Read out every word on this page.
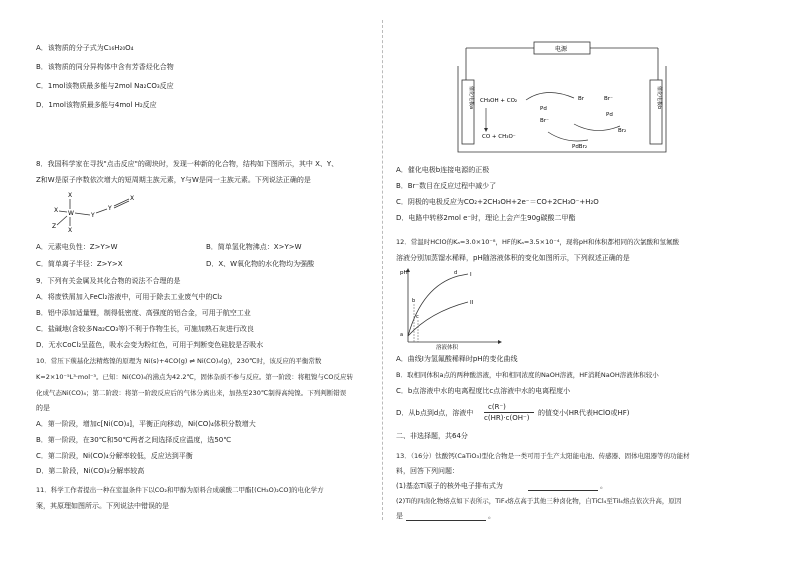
A．该物质的分子式为C₁₆H₂₀O₄
B．该物质的同分异构体中含有芳香烃化合物
C．1mol该物质最多能与2mol Na₂CO₃反应
D．1mol该物质最多能与4mol H₂反应
8．我国科学家在寻找"点击反应"的砌块时，发现一种新的化合物，结构如下图所示，其中 X、Y、
Z和W是原子序数依次增大的短周期主族元素，Y与W是同一主族元素。下列说法正确的是
X
X W
X
Z
Y
Y
X
A．元素电负性：Z>Y>W	B．简单氢化物沸点：X>Y>W
C．简单离子半径：Z>Y>X	D．X、W氧化物的水化物均为强酸
9．下列有关金属及其化合物的说法不合理的是
A．将废铁屑加入FeCl₂溶液中，可用于除去工业废气中的Cl₂
B．铝中添加适量锂，制得低密度、高强度的铝合金，可用于航空工业
C．盐碱地(含较多Na₂CO₃等)不利于作物生长，可施加熟石灰进行改良
D．无水CoCl₂呈蓝色，吸水会变为粉红色，可用于判断变色硅胶是否吸水
10．常压下羰基化法精炼镍的原理为 Ni(s)+4CO(g) ⇌ Ni(CO)₄(g)，230℃时，该反应的平衡常数
K=2×10⁻⁵L³·mol⁻³。已知：Ni(CO)₄的沸点为42.2℃，固体杂质不参与反应。第一阶段：将粗镍与CO反应转
化成气态Ni(CO)₄；第二阶段：将第一阶段反应后的气体分离出来，加热至230℃制得高纯镍。下列判断错误
的是
A．第一阶段，增加c[Ni(CO)₄]，平衡正向移动，Ni(CO)₄体积分数增大
B．第一阶段，在30℃和50℃两者之间选择反应温度，选50℃
C．第二阶段，Ni(CO)₄分解率较低，反应达到平衡
D．第二阶段，Ni(CO)₄分解率较高
11．科学工作者提出一种在室温条件下以CO₂和甲醇为原料合成碳酸二甲酯[(CH₃O)₂CO]的电化学方
案，其原理如图所示。下列说法中错误的是
电源
催化电极a	催化电极b
CH₃OH + CO₂
CO + CH₃O⁻
Pd
Pd
Br⁻
Br⁻
Br
Br₂
PdBr₂
A．催化电极b连接电源的正极
B．Br⁻数目在反应过程中减少了
C．阴极的电极反应为CO₂+2CH₃OH+2e⁻＝CO+2CH₃O⁻+H₂O
D．电路中转移2mol e⁻时，理论上会产生90g碳酸二甲酯
12．常温时HClO的Kₐ=3.0×10⁻⁸，HF的Kₐ=3.5×10⁻⁴，现将pH和体积都相同的次氯酸和氢氟酸
溶液分别加蒸馏水稀释，pH随溶液体积的变化如图所示，下列叙述正确的是
pH
溶液体积
I
II
a
b
c
d
A．曲线Ⅰ为氢氟酸稀释时pH的变化曲线
B．取相同体积a点的两种酸溶液，中和相同浓度的NaOH溶液，HF消耗NaOH溶液体积较小
C．b点溶液中水的电离程度比c点溶液中水的电离程度小
D．从b点到d点，溶液中
c(R⁻)
c(HR)·c(OH⁻)
的值变小(HR代表HClO或HF)
二、非选择题，共64分
13．（16分）钛酸钙(CaTiO₃)型化合物是一类可用于生产太阳能电池、传感器、固体电阻器等的功能材
料，回答下列问题：
(1)基态Ti原子的核外电子排布式为	。
(2)Ti的四卤化物熔点如下表所示，TiF₄熔点高于其他三种卤化物，自TiCl₄至TiI₄熔点依次升高，原因
是	。
